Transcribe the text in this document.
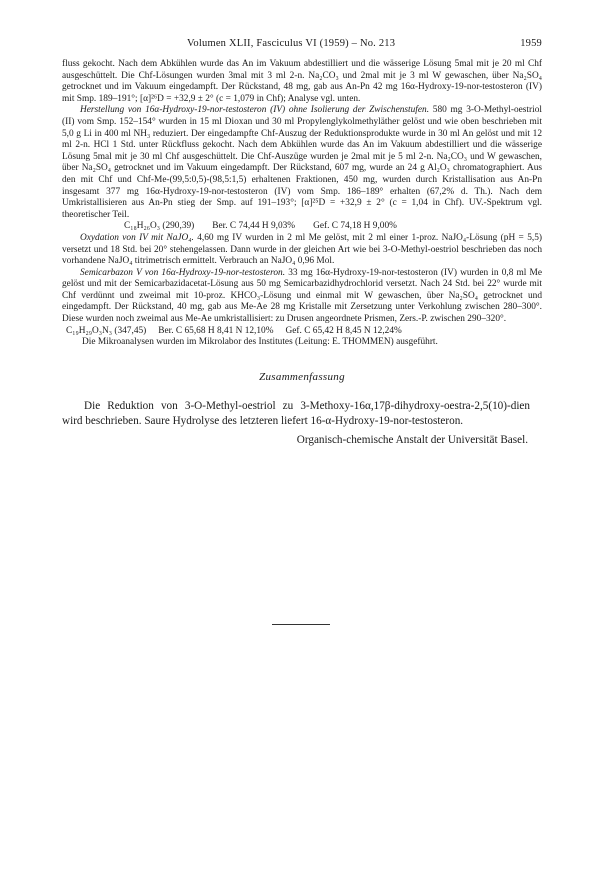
Volumen XLII, Fasciculus VI (1959) – No. 213	1959

fluss gekocht. Nach dem Abkühlen wurde das An im Vakuum abdestilliert und die wässerige Lösung 5mal mit je 20 ml Chf ausgeschüttelt. Die Chf-Lösungen wurden 3mal mit 3 ml 2-n. Na₂CO₃ und 2mal mit je 3 ml W gewaschen, über Na₂SO₄ getrocknet und im Vakuum eingedampft. Der Rückstand, 48 mg, gab aus An-Pn 42 mg 16α-Hydroxy-19-nor-testosteron (IV) mit Smp. 189–191°; [α]²⁶D = +32,9 ± 2° (c = 1,079 in Chf); Analyse vgl. unten.

Herstellung von 16α-Hydroxy-19-nor-testosteron (IV) ohne Isolierung der Zwischenstufen. 580 mg 3-O-Methyl-oestriol (II) vom Smp. 152–154° wurden in 15 ml Dioxan und 30 ml Propylenglykolmethyläther gelöst und wie oben beschrieben mit 5,0 g Li in 400 ml NH₃ reduziert. Der eingedampfte Chf-Auszug der Reduktionsprodukte wurde in 30 ml An gelöst und mit 12 ml 2-n. HCl 1 Std. unter Rückfluss gekocht. Nach dem Abkühlen wurde das An im Vakuum abdestilliert und die wässerige Lösung 5mal mit je 30 ml Chf ausgeschüttelt. Die Chf-Auszüge wurden je 2mal mit je 5 ml 2-n. Na₂CO₃ und W gewaschen, über Na₂SO₄ getrocknet und im Vakuum eingedampft. Der Rückstand, 607 mg, wurde an 24 g Al₂O₃ chromatographiert. Aus den mit Chf und Chf-Me-(99,5:0,5)-(98,5:1,5) erhaltenen Fraktionen, 450 mg, wurden durch Kristallisation aus An-Pn insgesamt 377 mg 16α-Hydroxy-19-nor-testosteron (IV) vom Smp. 186–189° erhalten (67,2% d. Th.). Nach dem Umkristallisieren aus An-Pn stieg der Smp. auf 191–193°; [α]²⁵D = +32,9 ± 2° (c = 1,04 in Chf). UV.-Spektrum vgl. theoretischer Teil.

C₁₈H₂₆O₃ (290,39) Ber. C 74,44 H 9,03% Gef. C 74,18 H 9,00%

Oxydation von IV mit NaJO₄. 4,60 mg IV wurden in 2 ml Me gelöst, mit 2 ml einer 1-proz. NaJO₄-Lösung (pH = 5,5) versetzt und 18 Std. bei 20° stehengelassen. Dann wurde in der gleichen Art wie bei 3-O-Methyl-oestriol beschrieben das noch vorhandene NaJO₄ titrimetrisch ermittelt. Verbrauch an NaJO₄ 0,96 Mol.

Semicarbazon V von 16α-Hydroxy-19-nor-testosteron. 33 mg 16α-Hydroxy-19-nor-testosteron (IV) wurden in 0,8 ml Me gelöst und mit der Semicarbazidacetat-Lösung aus 50 mg Semicarbazidhydrochlorid versetzt. Nach 24 Std. bei 22° wurde mit Chf verdünnt und zweimal mit 10-proz. KHCO₃-Lösung und einmal mit W gewaschen, über Na₂SO₄ getrocknet und eingedampft. Der Rückstand, 40 mg, gab aus Me-Ae 28 mg Kristalle mit Zersetzung unter Verkohlung zwischen 280–300°. Diese wurden noch zweimal aus Me-Ae umkristallisiert: zu Drusen angeordnete Prismen, Zers.-P. zwischen 290–320°.

C₁₉H₂₉O₃N₃ (347,45) Ber. C 65,68 H 8,41 N 12,10% Gef. C 65,42 H 8,45 N 12,24%

Die Mikroanalysen wurden im Mikrolabor des Institutes (Leitung: E. THOMMEN) ausgeführt.

Zusammenfassung

Die Reduktion von 3-O-Methyl-oestriol zu 3-Methoxy-16α,17β-dihydroxy-oestra-2,5(10)-dien wird beschrieben. Saure Hydrolyse des letzteren liefert 16-α-Hydroxy-19-nor-testosteron.

Organisch-chemische Anstalt der Universität Basel.
